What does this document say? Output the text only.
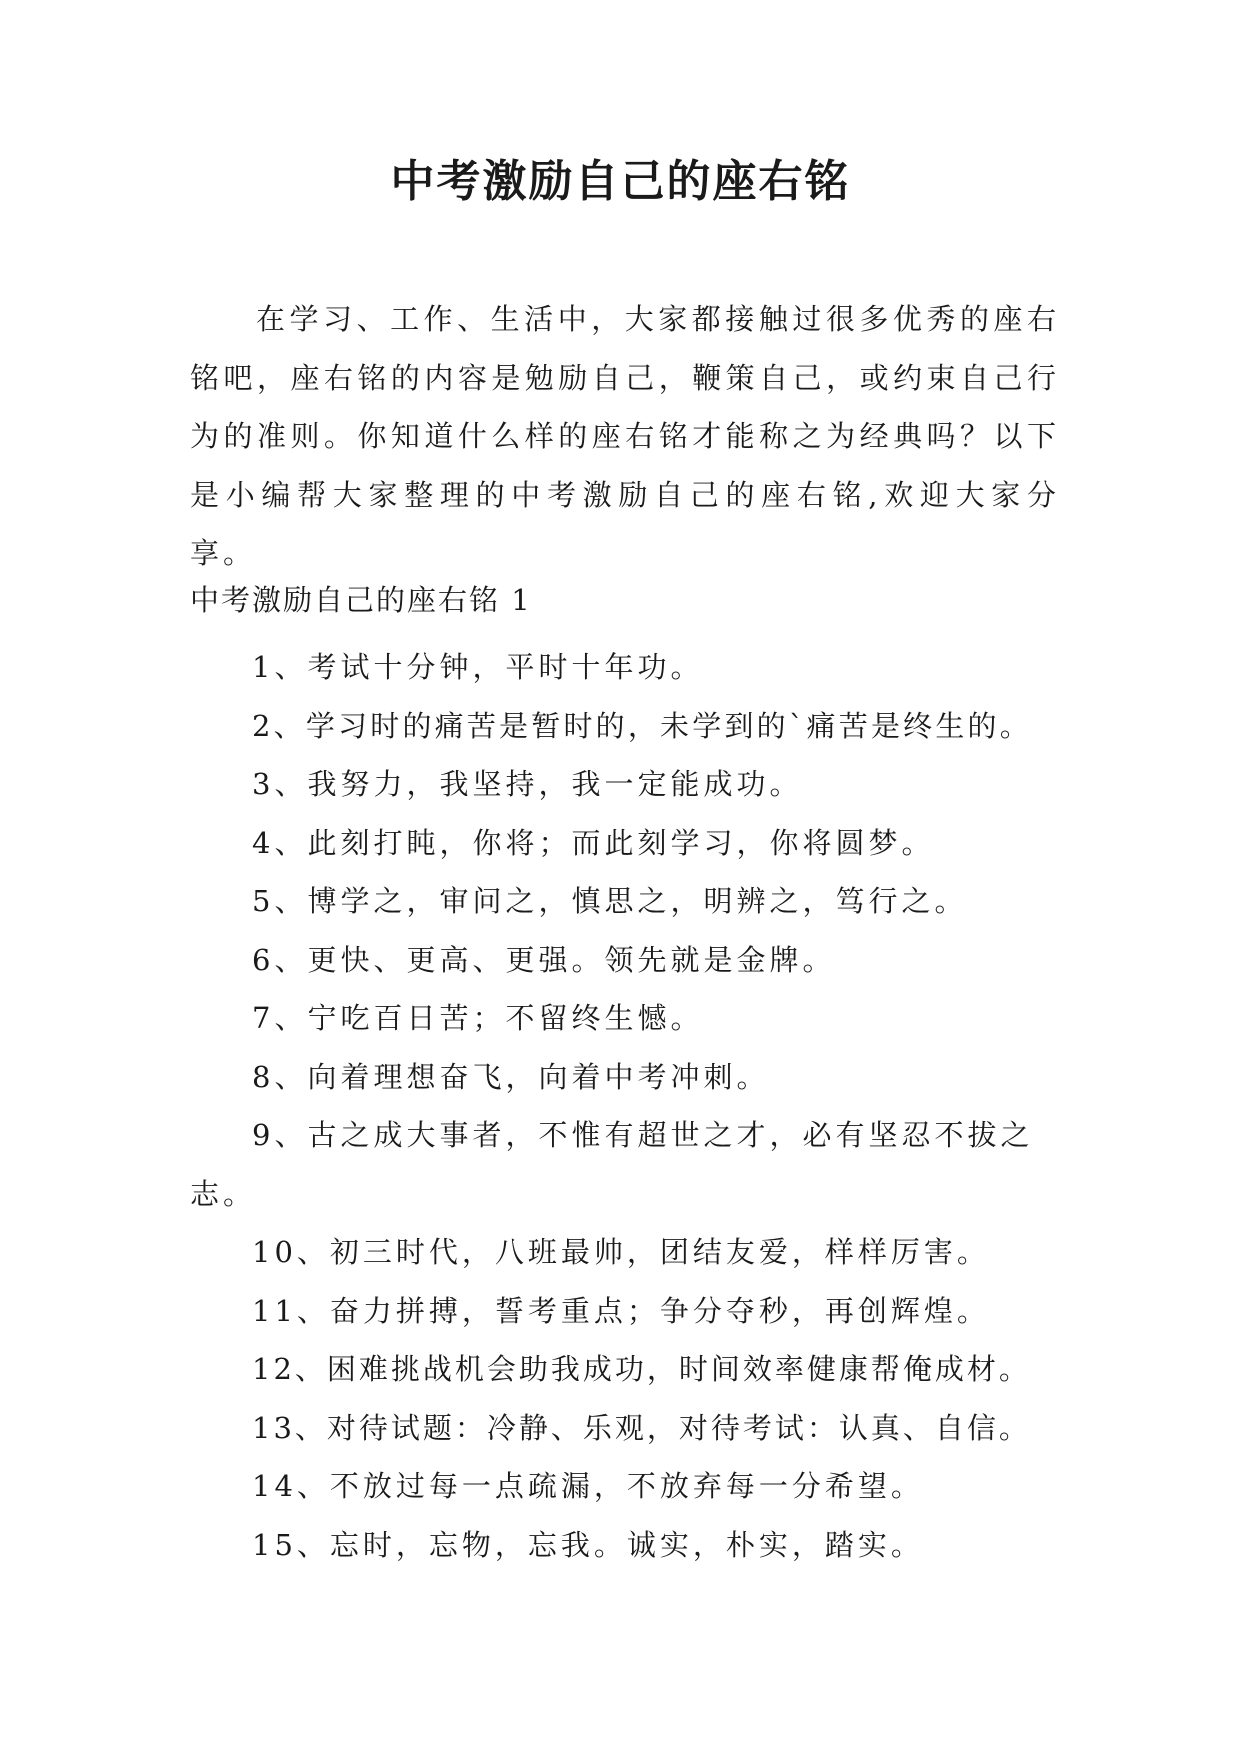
中考激励自己的座右铭

在学习、工作、生活中，大家都接触过很多优秀的座右铭吧，座右铭的内容是勉励自己，鞭策自己，或约束自己行为的准则。你知道什么样的座右铭才能称之为经典吗？以下是小编帮大家整理的中考激励自己的座右铭,欢迎大家分享。

中考激励自己的座右铭 1
1、考试十分钟，平时十年功。
2、学习时的痛苦是暂时的，未学到的`痛苦是终生的。
3、我努力，我坚持，我一定能成功。
4、此刻打盹，你将；而此刻学习，你将圆梦。
5、博学之，审问之，慎思之，明辨之，笃行之。
6、更快、更高、更强。领先就是金牌。
7、宁吃百日苦；不留终生憾。
8、向着理想奋飞，向着中考冲刺。
9、古之成大事者，不惟有超世之才，必有坚忍不拔之志。
10、初三时代，八班最帅，团结友爱，样样厉害。
11、奋力拼搏，誓考重点；争分夺秒，再创辉煌。
12、困难挑战机会助我成功，时间效率健康帮俺成材。
13、对待试题：冷静、乐观，对待考试：认真、自信。
14、不放过每一点疏漏，不放弃每一分希望。
15、忘时，忘物，忘我。诚实，朴实，踏实。
